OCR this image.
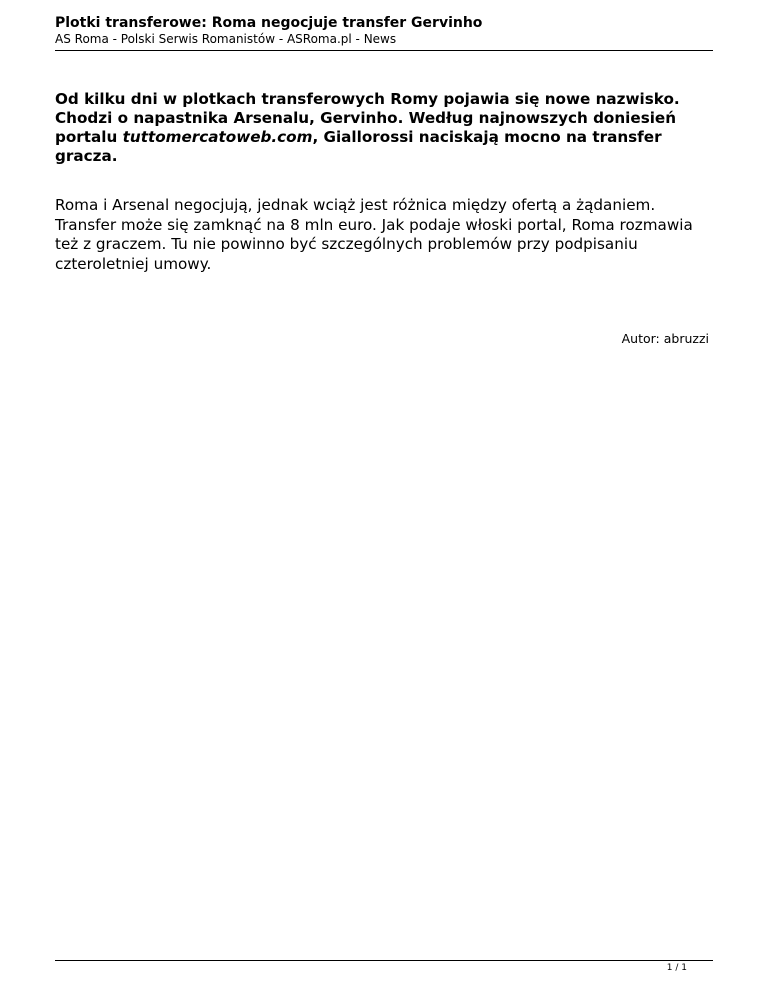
Plotki transferowe: Roma negocjuje transfer Gervinho

AS Roma - Polski Serwis Romanistów - ASRoma.pl - News

Od kilku dni w plotkach transferowych Romy pojawia się nowe nazwisko. Chodzi o napastnika Arsenalu, Gervinho. Według najnowszych doniesień portalu tuttomercatoweb.com, Giallorossi naciskają mocno na transfer gracza.

Roma i Arsenal negocjują, jednak wciąż jest różnica między ofertą a żądaniem. Transfer może się zamknąć na 8 mln euro. Jak podaje włoski portal, Roma rozmawia też z graczem. Tu nie powinno być szczególnych problemów przy podpisaniu czteroletniej umowy.

Autor: abruzzi
1 / 1
